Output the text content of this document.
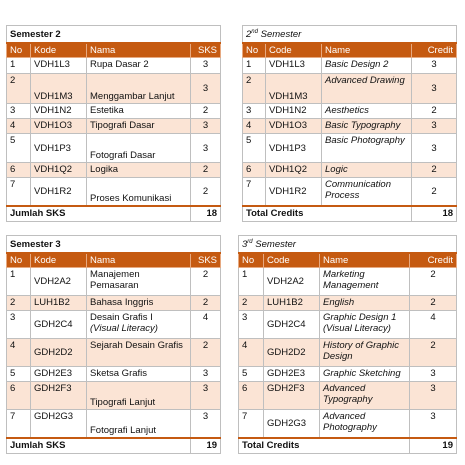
Semester 2			
No	Kode	Nama	SKS
1	VDH1L3	Rupa Dasar 2	3
2	VDH1M3	Menggambar Lanjut	3
3	VDH1N2	Estetika	2
4	VDH1O3	Tipografi Dasar	3
5	VDH1P3	Fotografi Dasar	3
6	VDH1Q2	Logika	2
7	VDH1R2	Proses Komunikasi	2
Jumlah SKS			18
2nd Semester			
No	Code	Name	Credit
1	VDH1L3	Basic Design 2	3
2	VDH1M3	Advanced Drawing	3
3	VDH1N2	Aesthetics	2
4	VDH1O3	Basic Typography	3
5	VDH1P3	Basic Photography	3
6	VDH1Q2	Logic	2
7	VDH1R2	Communication Process	2
Total Credits			18
Semester 3			
No	Kode	Nama	SKS
1	VDH2A2	Manajemen Pemasaran	2
2	LUH1B2	Bahasa Inggris	2
3	GDH2C4	Desain Grafis I
(Visual Literacy)	4
4	GDH2D2	Sejarah Desain Grafis	2
5	GDH2E3	Sketsa Grafis	3
6	GDH2F3	Tipografi Lanjut	3
7	GDH2G3	Fotografi Lanjut	3
Jumlah SKS			19
3rd Semester			
No	Code	Name	Credit
1	VDH2A2	Marketing Management	2
2	LUH1B2	English	2
3	GDH2C4	Graphic Design 1
(Visual Literacy)	4
4	GDH2D2	History of Graphic Design	2
5	GDH2E3	Graphic Sketching	3
6	GDH2F3	Advanced Typography	3
7	GDH2G3	Advanced Photography	3
Total Credits			19
